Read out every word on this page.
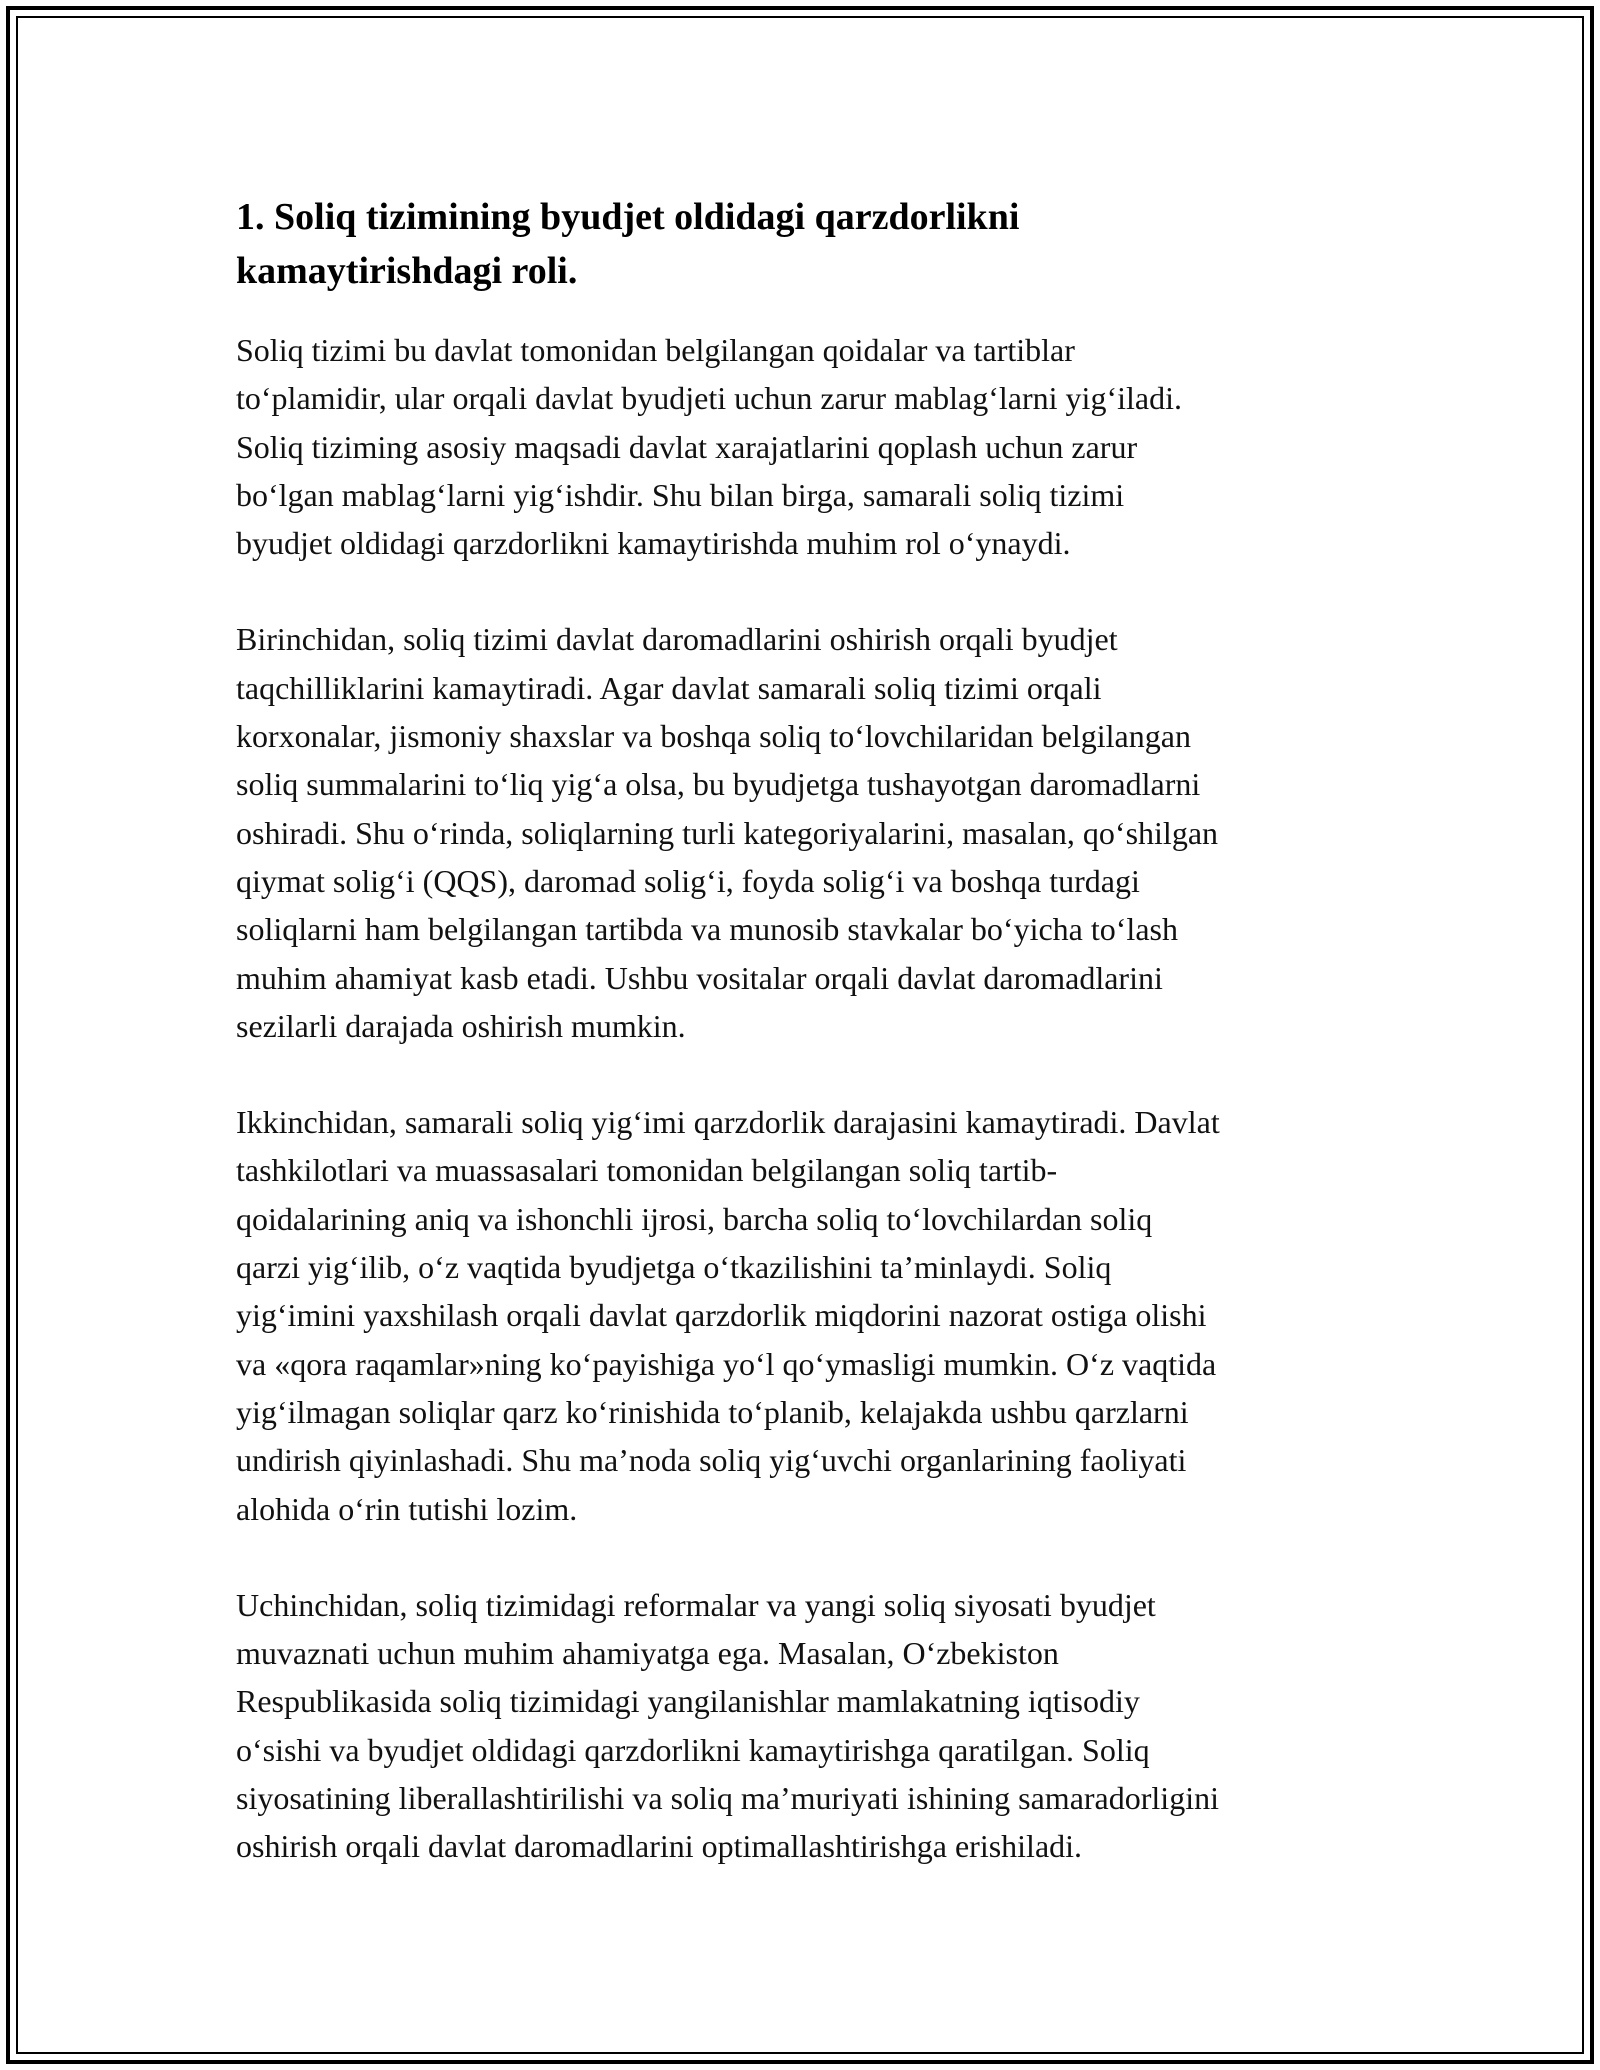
1. Soliq tizimining byudjet oldidagi qarzdorlikni
kamaytirishdagi roli.

Soliq tizimi bu davlat tomonidan belgilangan qoidalar va tartiblar
to‘plamidir, ular orqali davlat byudjeti uchun zarur mablag‘larni yig‘iladi.
Soliq tiziming asosiy maqsadi davlat xarajatlarini qoplash uchun zarur
bo‘lgan mablag‘larni yig‘ishdir. Shu bilan birga, samarali soliq tizimi
byudjet oldidagi qarzdorlikni kamaytirishda muhim rol o‘ynaydi.

Birinchidan, soliq tizimi davlat daromadlarini oshirish orqali byudjet
taqchilliklarini kamaytiradi. Agar davlat samarali soliq tizimi orqali
korxonalar, jismoniy shaxslar va boshqa soliq to‘lovchilaridan belgilangan
soliq summalarini to‘liq yig‘a olsa, bu byudjetga tushayotgan daromadlarni
oshiradi. Shu o‘rinda, soliqlarning turli kategoriyalarini, masalan, qo‘shilgan
qiymat solig‘i (QQS), daromad solig‘i, foyda solig‘i va boshqa turdagi
soliqlarni ham belgilangan tartibda va munosib stavkalar bo‘yicha to‘lash
muhim ahamiyat kasb etadi. Ushbu vositalar orqali davlat daromadlarini
sezilarli darajada oshirish mumkin.

Ikkinchidan, samarali soliq yig‘imi qarzdorlik darajasini kamaytiradi. Davlat
tashkilotlari va muassasalari tomonidan belgilangan soliq tartib-
qoidalarining aniq va ishonchli ijrosi, barcha soliq to‘lovchilardan soliq
qarzi yig‘ilib, o‘z vaqtida byudjetga o‘tkazilishini ta’minlaydi. Soliq
yig‘imini yaxshilash orqali davlat qarzdorlik miqdorini nazorat ostiga olishi
va «qora raqamlar»ning ko‘payishiga yo‘l qo‘ymasligi mumkin. O‘z vaqtida
yig‘ilmagan soliqlar qarz ko‘rinishida to‘planib, kelajakda ushbu qarzlarni
undirish qiyinlashadi. Shu ma’noda soliq yig‘uvchi organlarining faoliyati
alohida o‘rin tutishi lozim.

Uchinchidan, soliq tizimidagi reformalar va yangi soliq siyosati byudjet
muvaznati uchun muhim ahamiyatga ega. Masalan, O‘zbekiston
Respublikasida soliq tizimidagi yangilanishlar mamlakatning iqtisodiy
o‘sishi va byudjet oldidagi qarzdorlikni kamaytirishga qaratilgan. Soliq
siyosatining liberallashtirilishi va soliq ma’muriyati ishining samaradorligini
oshirish orqali davlat daromadlarini optimallashtirishga erishiladi.
